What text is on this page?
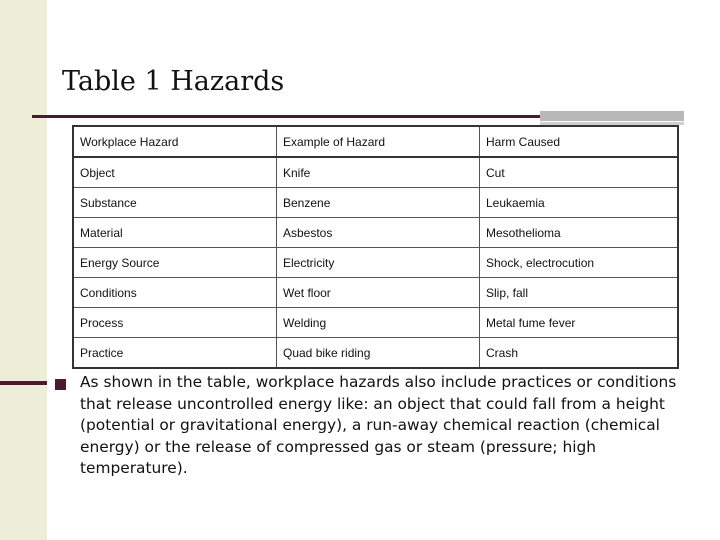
Table 1 Hazards
Workplace Hazard	Example of Hazard	Harm Caused
Object	Knife	Cut
Substance	Benzene	Leukaemia
Material	Asbestos	Mesothelioma
Energy Source	Electricity	Shock, electrocution
Conditions	Wet floor	Slip, fall
Process	Welding	Metal fume fever
Practice	Quad bike riding	Crash
As shown in the table, workplace hazards also include practices or conditions that release uncontrolled energy like: an object that could fall from a height (potential or gravitational energy), a run-away chemical reaction (chemical energy) or the release of compressed gas or steam (pressure; high temperature).
